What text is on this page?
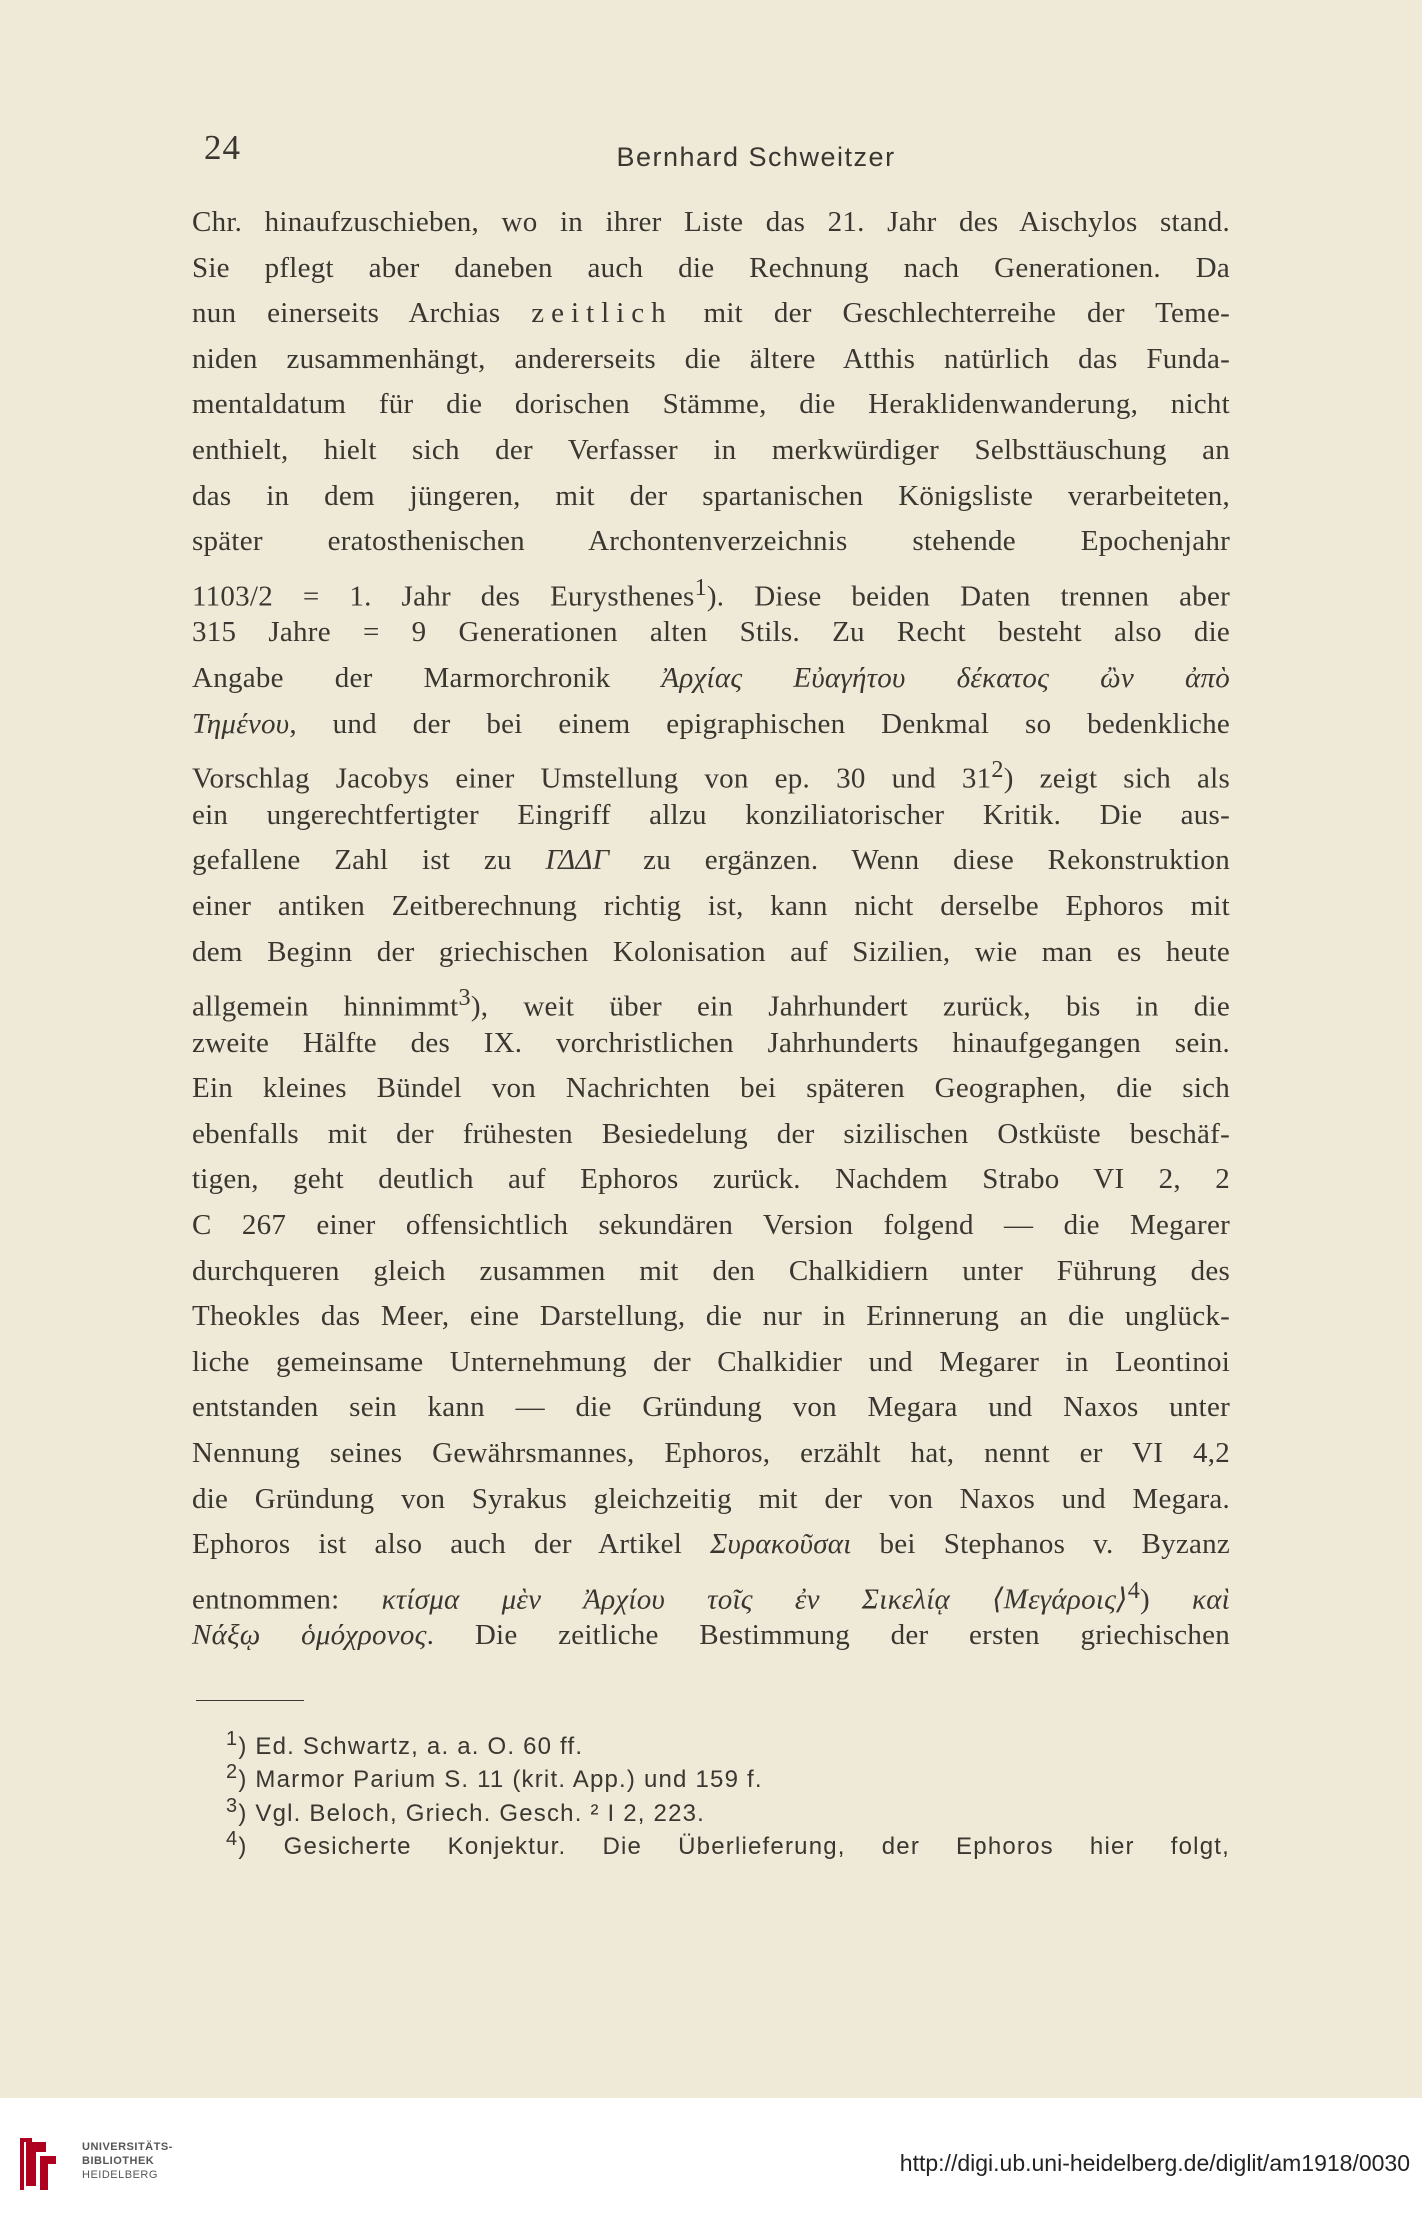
24	Bernhard Schweitzer
Chr. hinaufzuschieben, wo in ihrer Liste das 21. Jahr des Aischylos stand.
Sie pflegt aber daneben auch die Rechnung nach Generationen. Da
nun einerseits Archias zeitlich mit der Geschlechterreihe der Teme-
niden zusammenhängt, andererseits die ältere Atthis natürlich das Funda-
mentaldatum für die dorischen Stämme, die Heraklidenwanderung, nicht
enthielt, hielt sich der Verfasser in merkwürdiger Selbsttäuschung an
das in dem jüngeren, mit der spartanischen Königsliste verarbeiteten,
später eratosthenischen Archontenverzeichnis stehende Epochenjahr
1103/2 = 1. Jahr des Eurysthenes$^1$). Diese beiden Daten trennen aber
315 Jahre = 9 Generationen alten Stils. Zu Recht besteht also die
Angabe der Marmorchronik Ἀρχίας Εὐαγήτου δέκατος ὢν ἀπὸ
Τημένου, und der bei einem epigraphischen Denkmal so bedenkliche
Vorschlag Jacobys einer Umstellung von ep. 30 und $31^2$) zeigt sich als
ein ungerechtfertigter Eingriff allzu konziliatorischer Kritik. Die aus-
gefallene Zahl ist zu ΓΔΔΓ zu ergänzen. Wenn diese Rekonstruktion
einer antiken Zeitberechnung richtig ist, kann nicht derselbe Ephoros mit
dem Beginn der griechischen Kolonisation auf Sizilien, wie man es heute
allgemein hinnimmt$^3$), weit über ein Jahrhundert zurück, bis in die
zweite Hälfte des IX. vorchristlichen Jahrhunderts hinaufgegangen sein.
Ein kleines Bündel von Nachrichten bei späteren Geographen, die sich
ebenfalls mit der frühesten Besiedelung der sizilischen Ostküste beschäf-
tigen, geht deutlich auf Ephoros zurück. Nachdem Strabo VI 2, 2
C 267 einer offensichtlich sekundären Version folgend — die Megarer
durchqueren gleich zusammen mit den Chalkidiern unter Führung des
Theokles das Meer, eine Darstellung, die nur in Erinnerung an die unglück-
liche gemeinsame Unternehmung der Chalkidier und Megarer in Leontinoi
entstanden sein kann — die Gründung von Megara und Naxos unter
Nennung seines Gewährsmannes, Ephoros, erzählt hat, nennt er VI 4,2
die Gründung von Syrakus gleichzeitig mit der von Naxos und Megara.
Ephoros ist also auch der Artikel Συρακοῦσαι bei Stephanos v. Byzanz
entnommen: κτίσμα μὲν Ἀρχίου τοῖς ἐν Σικελίᾳ ⟨Μεγάροις⟩$^4$) καὶ
Νάξῳ ὁμόχρονος. Die zeitliche Bestimmung der ersten griechischen
$^1$) Ed. Schwartz, a. a. O. 60 ff.
$^2$) Marmor Parium S. 11 (krit. App.) und 159 f.
$^3$) Vgl. Beloch, Griech. Gesch. ² I 2, 223.
$^4$) Gesicherte Konjektur. Die Überlieferung, der Ephoros hier folgt,
UNIVERSITÄTS-
BIBLIOTHEK
HEIDELBERG	http://digi.ub.uni-heidelberg.de/diglit/am1918/0030
